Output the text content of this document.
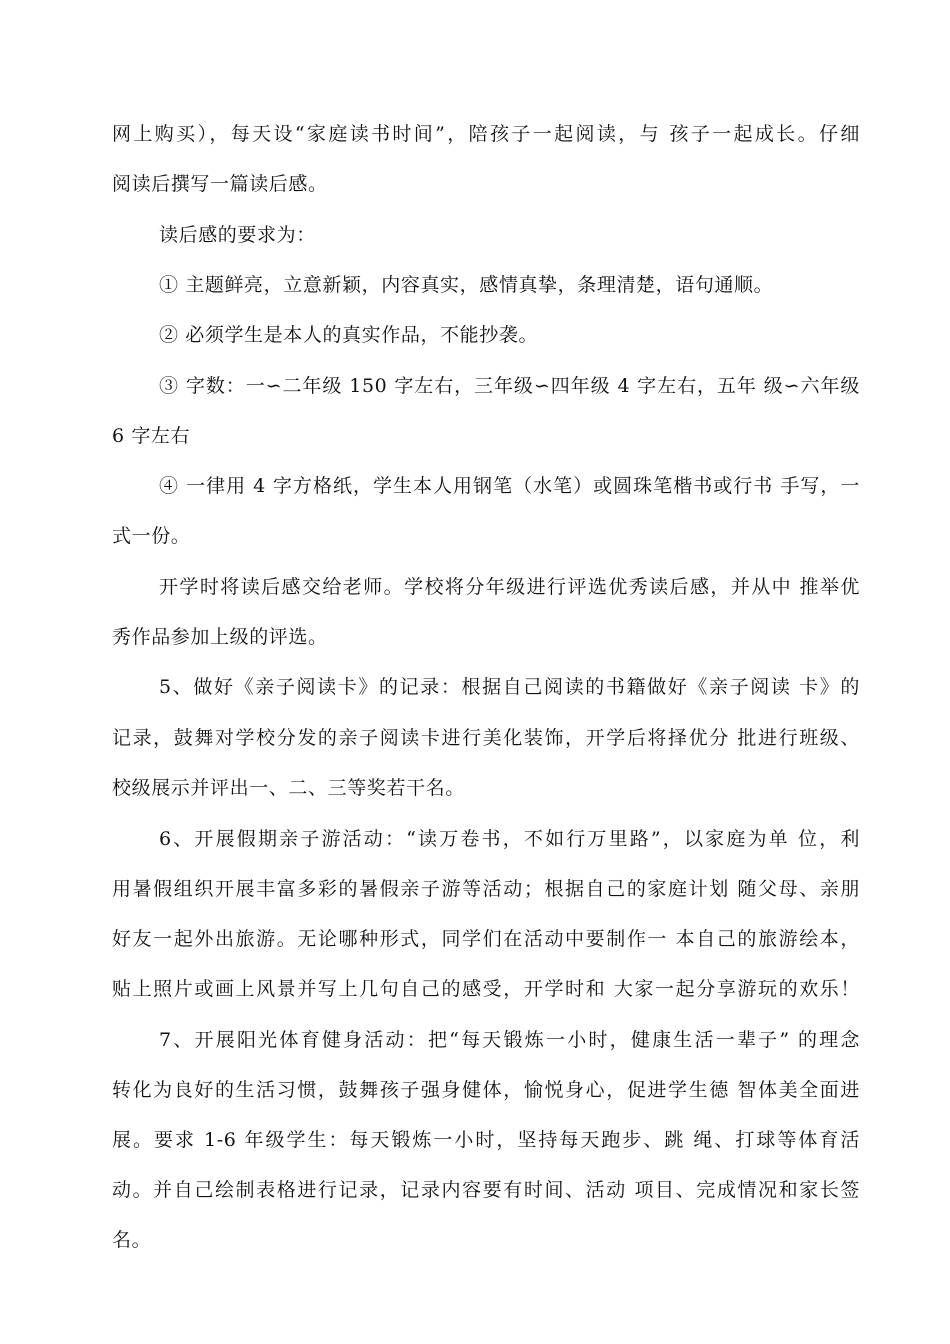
网上购买），每天设“家庭读书时间”，陪孩子一起阅读，与 孩子一起成长。仔细
阅读后撰写一篇读后感。
读后感的要求为：
① 主题鲜亮，立意新颖，内容真实，感情真挚，条理清楚，语句通顺。
② 必须学生是本人的真实作品，不能抄袭。
③ 字数：一∽二年级 150 字左右，三年级∽四年级 4 字左右，五年 级∽六年级
6 字左右
④ 一律用 4 字方格纸，学生本人用钢笔（水笔）或圆珠笔楷书或行书 手写，一
式一份。
开学时将读后感交给老师。学校将分年级进行评选优秀读后感，并从中 推举优
秀作品参加上级的评选。
5、做好《亲子阅读卡》的记录：根据自己阅读的书籍做好《亲子阅读 卡》的
记录，鼓舞对学校分发的亲子阅读卡进行美化装饰，开学后将择优分 批进行班级、
校级展示并评出一、二、三等奖若干名。
6、开展假期亲子游活动：“读万卷书，不如行万里路”，以家庭为单 位，利
用暑假组织开展丰富多彩的暑假亲子游等活动；根据自己的家庭计划 随父母、亲朋
好友一起外出旅游。无论哪种形式，同学们在活动中要制作一 本自己的旅游绘本，
贴上照片或画上风景并写上几句自己的感受，开学时和 大家一起分享游玩的欢乐！
7、开展阳光体育健身活动：把“每天锻炼一小时，健康生活一辈子” 的理念
转化为良好的生活习惯，鼓舞孩子强身健体，愉悦身心，促进学生德 智体美全面进
展。要求 1-6 年级学生：每天锻炼一小时，坚持每天跑步、跳 绳、打球等体育活
动。并自己绘制表格进行记录，记录内容要有时间、活动 项目、完成情况和家长签
名。
